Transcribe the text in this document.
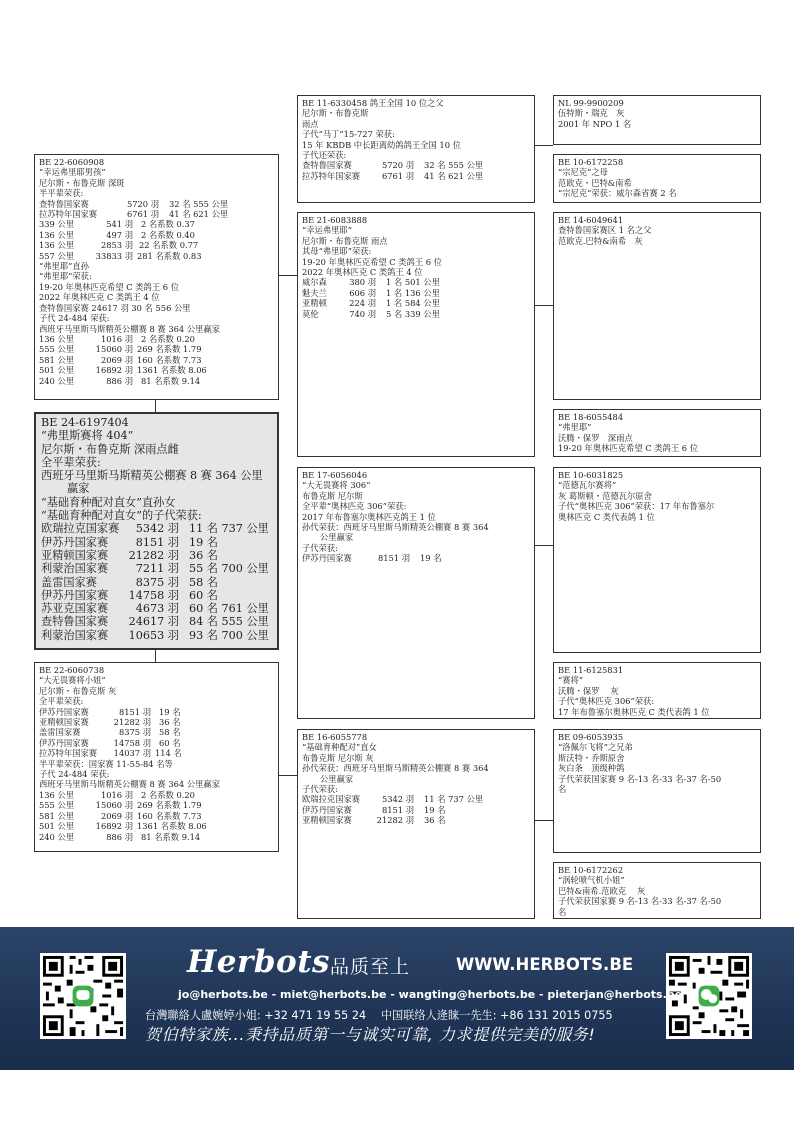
BE 22-6060908
“幸运弗里耶男孩”
尼尔斯・布鲁克斯 深斑
半平辈荣获:
查特鲁国家赛	5720 羽	32 名 555 公里
拉苏特年国家赛	6761 羽	41 名 621 公里
339 公里	541 羽 2 名系数 0.37
136 公里	497 羽 2 名系数 0.40
136 公里	2853 羽 22 名系数 0.77
557 公里	33833 羽 281 名系数 0.83
“弗里耶”直孙
“弗里耶”荣获:
19-20 年奥林匹克希望 C 类鸽王 6 位
2022 年奥林匹克 C 类鸽王 4 位
查特鲁国家赛 24617 羽 30 名 556 公里
子代 24-484 荣获:
西班牙马里斯马斯精英公棚赛 8 赛 364 公里赢家
136 公里	1016 羽 2 名系数 0.20
555 公里	15060 羽 269 名系数 1.79
581 公里	2069 羽 160 名系数 7.73
501 公里	16892 羽 1361 名系数 8.06
240 公里	886 羽 81 名系数 9.14
BE 24-6197404
“弗里斯赛将 404”
尼尔斯・布鲁克斯 深雨点雌
全平辈荣获:
西班牙马里斯马斯精英公棚赛 8 赛 364 公里
赢家
“基础育种配对直女”直孙女
“基础育种配对直女”的子代荣获:
欧瑞拉克国家赛	5342 羽 11 名 737 公里
伊苏丹国家赛	8151 羽 19 名
亚精顿国家赛	21282 羽 36 名
利蒙治国家赛	7211 羽 55 名 700 公里
盖雷国家赛	8375 羽 58 名
伊苏丹国家赛	14758 羽 60 名
苏亚克国家赛	4673 羽 60 名 761 公里
查特鲁国家赛	24617 羽 84 名 555 公里
利蒙治国家赛	10653 羽 93 名 700 公里
BE 22-6060738
“大无畏赛将小姐”
尼尔斯・布鲁克斯 灰
全平辈荣获:
伊苏丹国家赛	8151 羽 19 名
亚精顿国家赛	21282 羽 36 名
盖雷国家赛	8375 羽 58 名
伊苏丹国家赛	14758 羽 60 名
拉苏特年国家赛	14037 羽 114 名
半平辈荣获：国家赛 11-55-84 名等
子代 24-484 荣获:
西班牙马里斯马斯精英公棚赛 8 赛 364 公里赢家
136 公里	1016 羽 2 名系数 0.20
555 公里	15060 羽 269 名系数 1.79
581 公里	2069 羽 160 名系数 7.73
501 公里	16892 羽 1361 名系数 8.06
240 公里	886 羽 81 名系数 9.14
BE 11-6330458 鸽王全国 10 位之父
尼尔斯・布鲁克斯
雨点
子代“马丁”15-727 荣获:
15 年 KBDB 中长距离幼鸽鸽王全国 10 位
子代还荣获:
查特鲁国家赛	5720 羽	32 名 555 公里
拉苏特年国家赛	6761 羽	41 名 621 公里
BE 21-6083888
“幸运弗里耶”
尼尔斯・布鲁克斯 雨点
其母“弗里耶”荣获:
19-20 年奥林匹克希望 C 类鸽王 6 位
2022 年奥林匹克 C 类鸽王 4 位
威尔森	380 羽	1 名 501 公里
魁夫兰	606 羽	1 名 136 公里
亚精顿	224 羽	1 名 584 公里
莫伦	740 羽	5 名 339 公里
BE 17-6056046
“大无畏赛将 306”
布鲁克斯 尼尔斯
全平辈“奥林匹克 306”荣获:
2017 年布鲁塞尔奥林匹克鸽王 1 位
孙代荣获：西班牙马里斯马斯精英公棚赛 8 赛 364
公里赢家
子代荣获:
伊苏丹国家赛	8151 羽	19 名
BE 16-6055778
“基础育种配对”直女
布鲁克斯 尼尔斯 灰
孙代荣获：西班牙马里斯马斯精英公棚赛 8 赛 364
公里赢家
子代荣获:
欧瑞拉克国家赛	5342 羽	11 名 737 公里
伊苏丹国家赛	8151 羽	19 名
亚精顿国家赛	21282 羽	36 名
NL 99-9900209
伍特斯・瑞克　灰
2001 年 NPO 1 名
BE 10-6172258
“宗尼克”之母
范欧克・巴特&南希
“宗尼克”荣获：威尔森省赛 2 名
BE 14-6049641
查特鲁国家赛区 1 名之父
范欧克.巴特&南希　灰
BE 18-6055484
“弗里耶”
沃腾・保罗　深雨点
19-20 年奥林匹克希望 C 类鸽王 6 位
BE 10-6031825
“范德瓦尔赛将”
灰 葛斯顿・范德瓦尔原舍
子代“奥林匹克 306”荣获：17 年布鲁塞尔
奥林匹克 C 类代表鸽 1 位
BE 11-6125831
“赛将”
沃腾・保罗　 灰
子代“奥林匹克 306”荣获:
17 年布鲁塞尔奥林匹克 C 类代表鸽 1 位
BE 09-6053935
“洛佩尔飞将”之兄弟
斯沃特・乔斯原舍
灰白条　顶级种鸽
子代荣获国家赛 9 名-13 名-33 名-37 名-50
名
BE 10-6172262
“涡轮喷气机小姐”
巴特&南希.范欧克　 灰
子代荣获国家赛 9 名-13 名-33 名-37 名-50
名
Herbots 品质至上	WWW.HERBOTS.BE
jo@herbots.be - miet@herbots.be - wangting@herbots.be - pieterjan@herbots.be
台灣聯絡人盧婉婷小姐: +32 471 19 55 24　 中国联络人逄睐一先生: +86 131 2015 0755
贺伯特家族...秉持品质第一与诚实可靠, 力求提供完美的服务!
